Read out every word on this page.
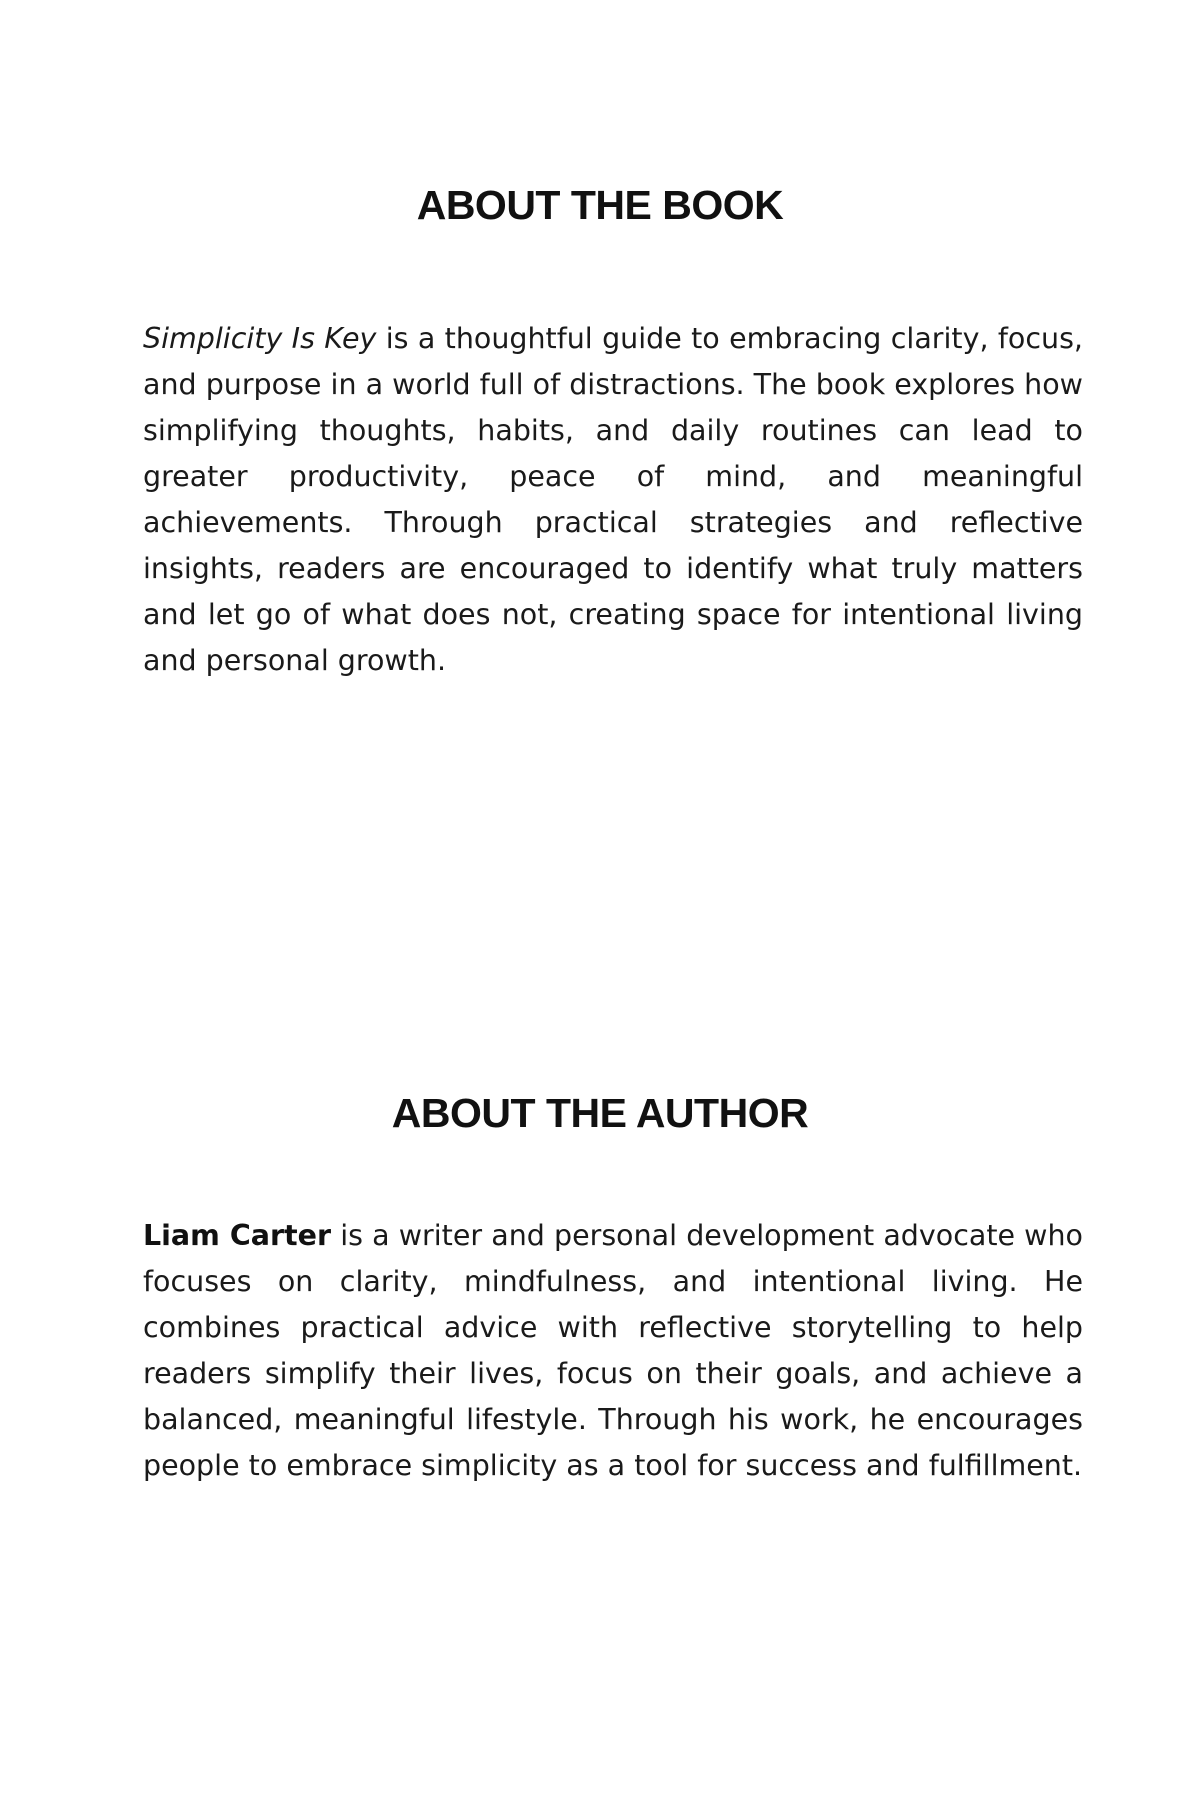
ABOUT THE BOOK

Simplicity Is Key is a thoughtful guide to embracing clarity, focus, and purpose in a world full of distractions. The book explores how simplifying thoughts, habits, and daily routines can lead to greater productivity, peace of mind, and meaningful achievements. Through practical strategies and reflective insights, readers are encouraged to identify what truly matters and let go of what does not, creating space for intentional living and personal growth.

ABOUT THE AUTHOR

Liam Carter is a writer and personal development advocate who focuses on clarity, mindfulness, and intentional living. He combines practical advice with reflective storytelling to help readers simplify their lives, focus on their goals, and achieve a balanced, meaningful lifestyle. Through his work, he encourages people to embrace simplicity as a tool for success and fulfillment.
